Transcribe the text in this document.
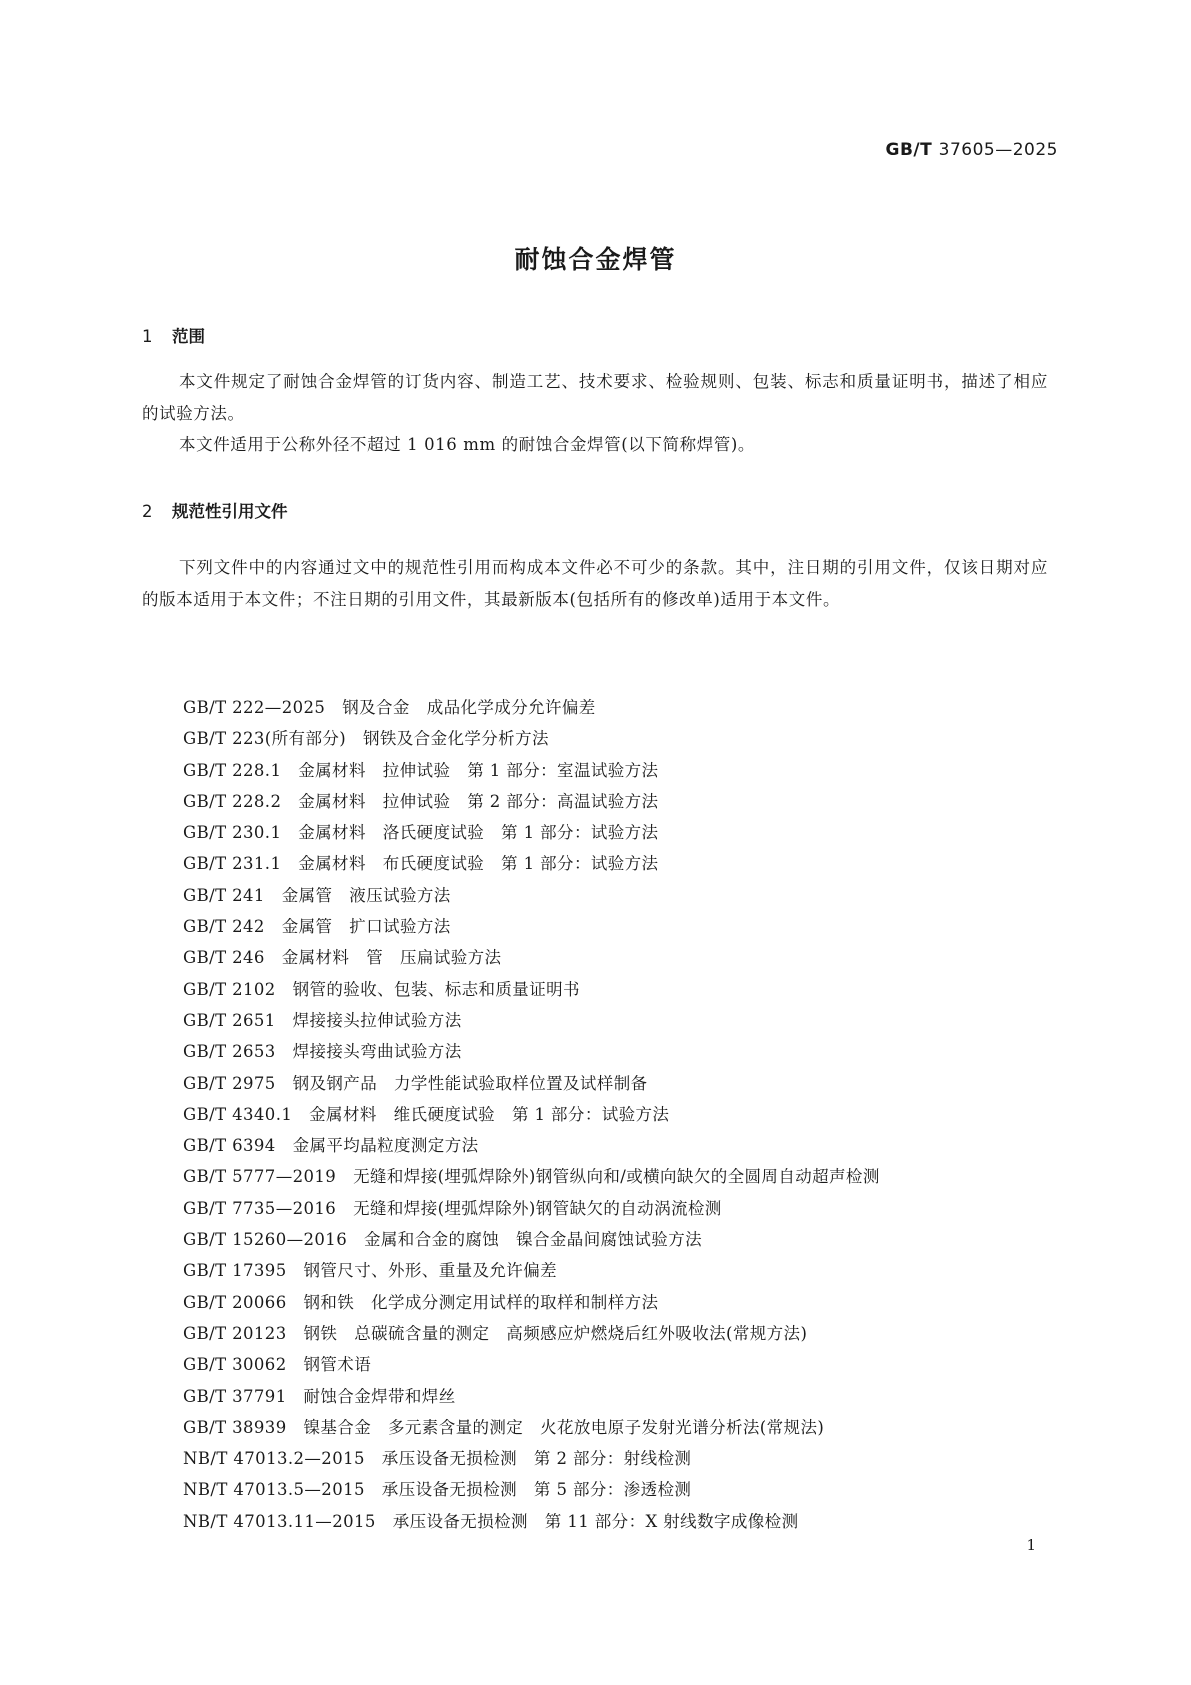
GB/T 37605—2025
耐蚀合金焊管
1 范围

本文件规定了耐蚀合金焊管的订货内容、制造工艺、技术要求、检验规则、包装、标志和质量证明书，描述了相应的试验方法。

本文件适用于公称外径不超过 1 016 mm 的耐蚀合金焊管(以下简称焊管)。

2 规范性引用文件

下列文件中的内容通过文中的规范性引用而构成本文件必不可少的条款。其中，注日期的引用文件，仅该日期对应的版本适用于本文件；不注日期的引用文件，其最新版本(包括所有的修改单)适用于本文件。

GB/T 222—2025　钢及合金　成品化学成分允许偏差
GB/T 223(所有部分)　钢铁及合金化学分析方法
GB/T 228.1　金属材料　拉伸试验　第 1 部分：室温试验方法
GB/T 228.2　金属材料　拉伸试验　第 2 部分：高温试验方法
GB/T 230.1　金属材料　洛氏硬度试验　第 1 部分：试验方法
GB/T 231.1　金属材料　布氏硬度试验　第 1 部分：试验方法
GB/T 241　金属管　液压试验方法
GB/T 242　金属管　扩口试验方法
GB/T 246　金属材料　管　压扁试验方法
GB/T 2102　钢管的验收、包装、标志和质量证明书
GB/T 2651　焊接接头拉伸试验方法
GB/T 2653　焊接接头弯曲试验方法
GB/T 2975　钢及钢产品　力学性能试验取样位置及试样制备
GB/T 4340.1　金属材料　维氏硬度试验　第 1 部分：试验方法
GB/T 6394　金属平均晶粒度测定方法
GB/T 5777—2019　无缝和焊接(埋弧焊除外)钢管纵向和/或横向缺欠的全圆周自动超声检测
GB/T 7735—2016　无缝和焊接(埋弧焊除外)钢管缺欠的自动涡流检测
GB/T 15260—2016　金属和合金的腐蚀　镍合金晶间腐蚀试验方法
GB/T 17395　钢管尺寸、外形、重量及允许偏差
GB/T 20066　钢和铁　化学成分测定用试样的取样和制样方法
GB/T 20123　钢铁　总碳硫含量的测定　高频感应炉燃烧后红外吸收法(常规方法)
GB/T 30062　钢管术语
GB/T 37791　耐蚀合金焊带和焊丝
GB/T 38939　镍基合金　多元素含量的测定　火花放电原子发射光谱分析法(常规法)
NB/T 47013.2—2015　承压设备无损检测　第 2 部分：射线检测
NB/T 47013.5—2015　承压设备无损检测　第 5 部分：渗透检测
NB/T 47013.11—2015　承压设备无损检测　第 11 部分：X 射线数字成像检测
1
